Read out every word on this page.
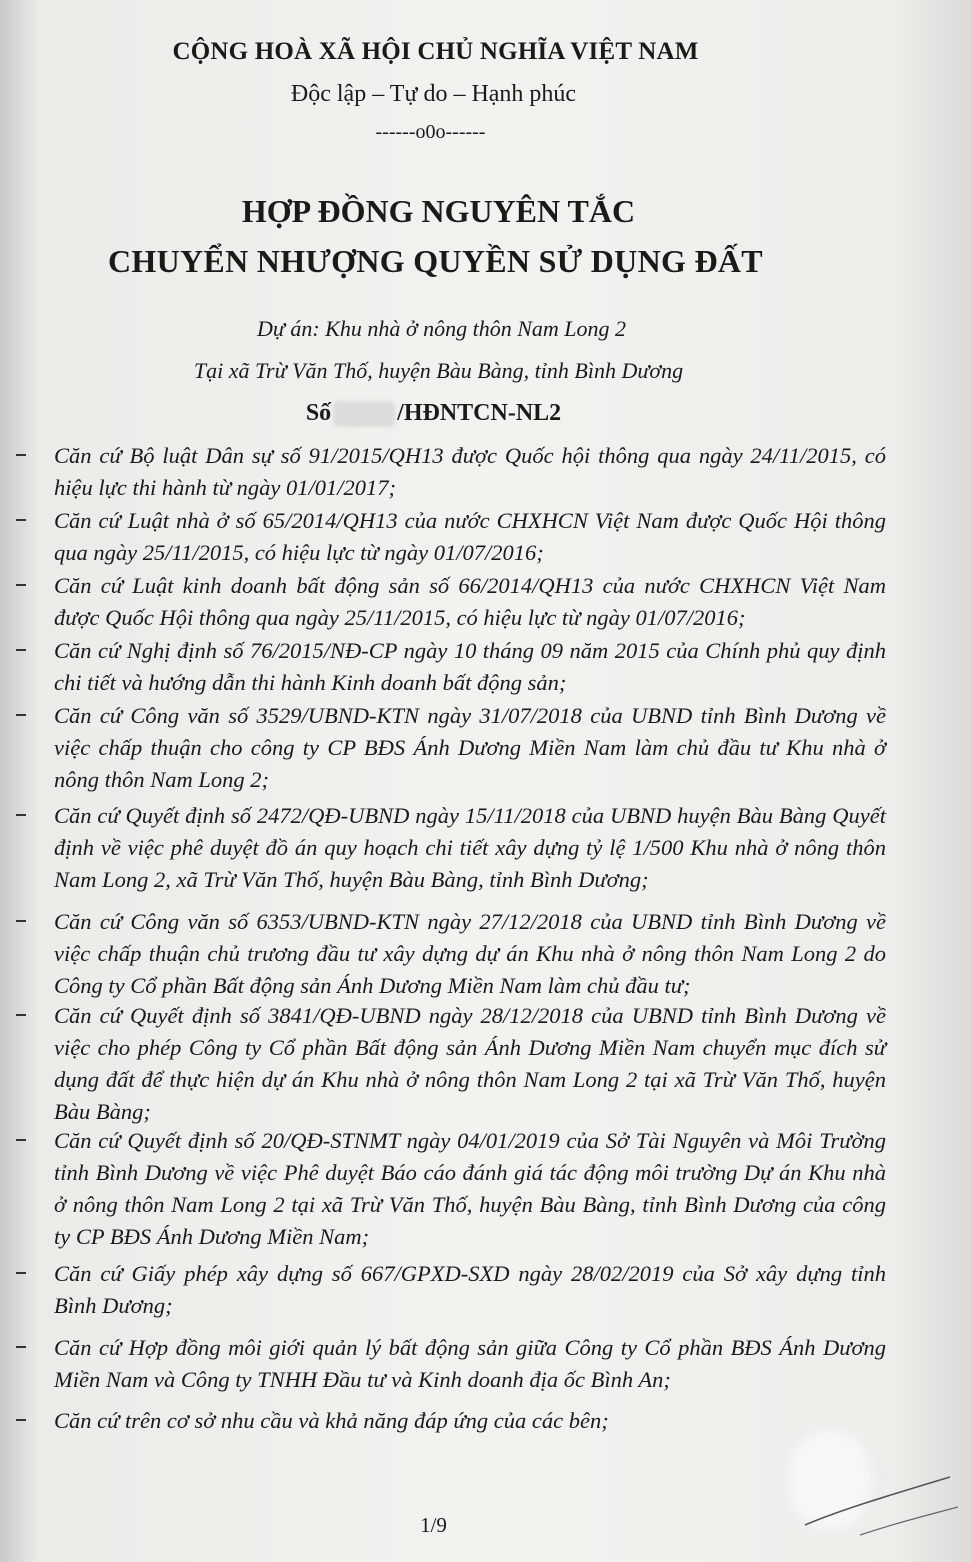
CỘNG HOÀ XÃ HỘI CHỦ NGHĨA VIỆT NAM
Độc lập – Tự do – Hạnh phúc
------o0o------
HỢP ĐỒNG NGUYÊN TẮC
CHUYỂN NHƯỢNG QUYỀN SỬ DỤNG ĐẤT
Dự án: Khu nhà ở nông thôn Nam Long 2
Tại xã Trừ Văn Thố, huyện Bàu Bàng, tỉnh Bình Dương
Số	/HĐNTCN-NL2
Căn cứ Bộ luật Dân sự số 91/2015/QH13 được Quốc hội thông qua ngày 24/11/2015, có hiệu lực thi hành từ ngày 01/01/2017;
Căn cứ Luật nhà ở số 65/2014/QH13 của nước CHXHCN Việt Nam được Quốc Hội thông qua ngày 25/11/2015, có hiệu lực từ ngày 01/07/2016;
Căn cứ Luật kinh doanh bất động sản số 66/2014/QH13 của nước CHXHCN Việt Nam được Quốc Hội thông qua ngày 25/11/2015, có hiệu lực từ ngày 01/07/2016;
Căn cứ Nghị định số 76/2015/NĐ-CP ngày 10 tháng 09 năm 2015 của Chính phủ quy định chi tiết và hướng dẫn thi hành Kinh doanh bất động sản;
Căn cứ Công văn số 3529/UBND-KTN ngày 31/07/2018 của UBND tỉnh Bình Dương về việc chấp thuận cho công ty CP BĐS Ánh Dương Miền Nam làm chủ đầu tư Khu nhà ở nông thôn Nam Long 2;
Căn cứ Quyết định số 2472/QĐ-UBND ngày 15/11/2018 của UBND huyện Bàu Bàng Quyết định về việc phê duyệt đồ án quy hoạch chi tiết xây dựng tỷ lệ 1/500 Khu nhà ở nông thôn Nam Long 2, xã Trừ Văn Thố, huyện Bàu Bàng, tỉnh Bình Dương;
Căn cứ Công văn số 6353/UBND-KTN ngày 27/12/2018 của UBND tỉnh Bình Dương về việc chấp thuận chủ trương đầu tư xây dựng dự án Khu nhà ở nông thôn Nam Long 2 do Công ty Cổ phần Bất động sản Ánh Dương Miền Nam làm chủ đầu tư;
Căn cứ Quyết định số 3841/QĐ-UBND ngày 28/12/2018 của UBND tỉnh Bình Dương về việc cho phép Công ty Cổ phần Bất động sản Ánh Dương Miền Nam chuyển mục đích sử dụng đất để thực hiện dự án Khu nhà ở nông thôn Nam Long 2 tại xã Trừ Văn Thố, huyện Bàu Bàng;
Căn cứ Quyết định số 20/QĐ-STNMT ngày 04/01/2019 của Sở Tài Nguyên và Môi Trường tỉnh Bình Dương về việc Phê duyệt Báo cáo đánh giá tác động môi trường Dự án Khu nhà ở nông thôn Nam Long 2 tại xã Trừ Văn Thố, huyện Bàu Bàng, tỉnh Bình Dương của công ty CP BĐS Ánh Dương Miền Nam;
Căn cứ Giấy phép xây dựng số 667/GPXD-SXD ngày 28/02/2019 của Sở xây dựng tỉnh Bình Dương;
Căn cứ Hợp đồng môi giới quản lý bất động sản giữa Công ty Cổ phần BĐS Ánh Dương Miền Nam và Công ty TNHH Đầu tư và Kinh doanh địa ốc Bình An;
Căn cứ trên cơ sở nhu cầu và khả năng đáp ứng của các bên;
1/9
